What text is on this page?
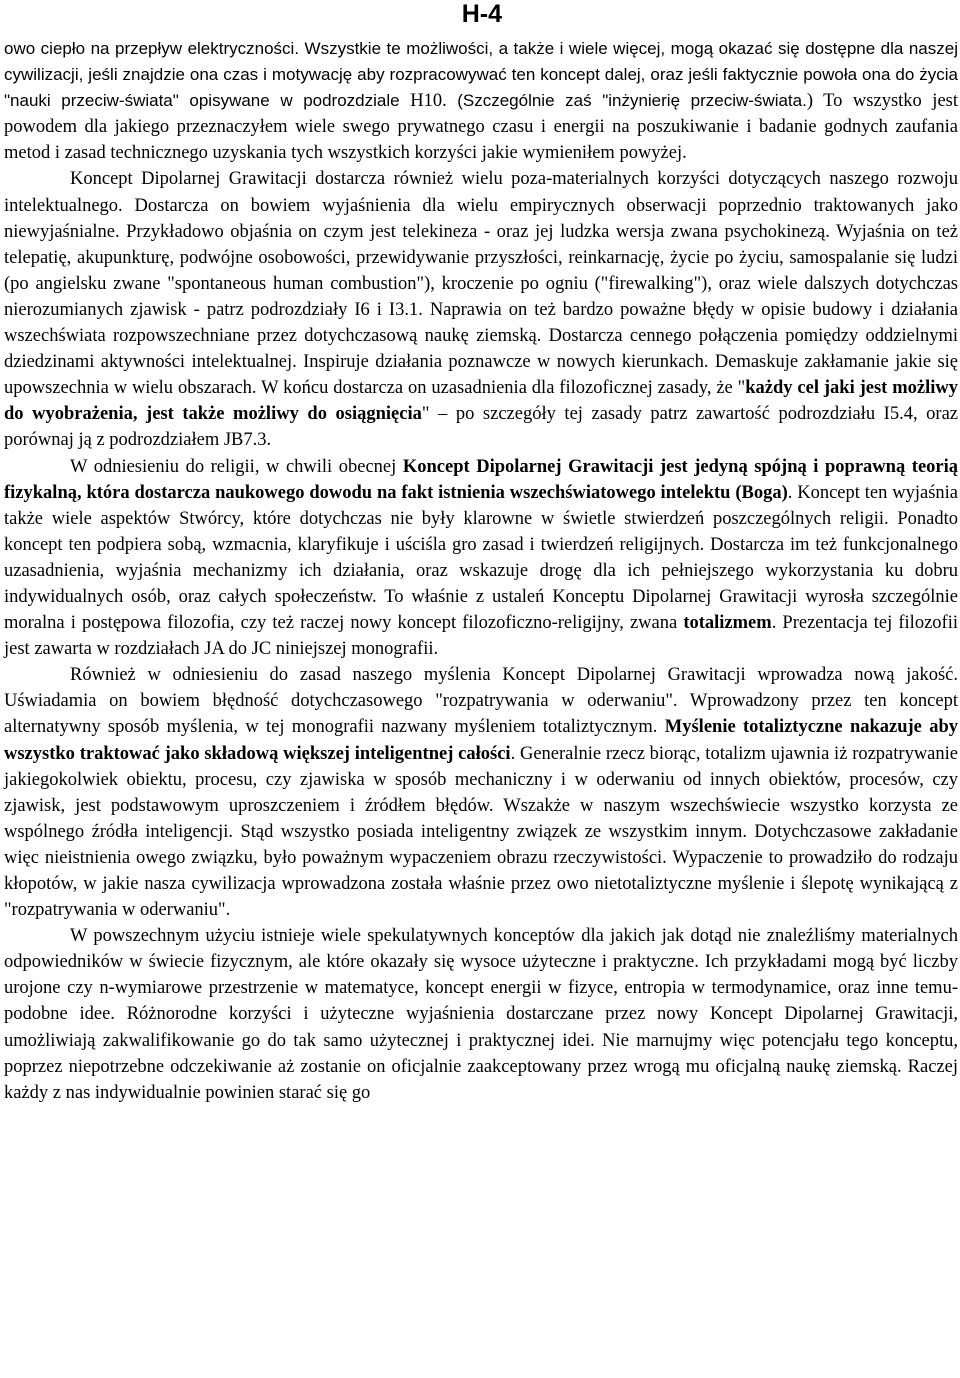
H-4

owo ciepło na przepływ elektryczności. Wszystkie te możliwości, a także i wiele więcej, mogą okazać się dostępne dla naszej cywilizacji, jeśli znajdzie ona czas i motywację aby rozpracowywać ten koncept dalej, oraz jeśli faktycznie powoła ona do życia "nauki przeciw-świata" opisywane w podrozdziale H10. (Szczególnie zaś "inżynierię przeciw-świata.) To wszystko jest powodem dla jakiego przeznaczyłem wiele swego prywatnego czasu i energii na poszukiwanie i badanie godnych zaufania metod i zasad technicznego uzyskania tych wszystkich korzyści jakie wymieniłem powyżej.

Koncept Dipolarnej Grawitacji dostarcza również wielu poza-materialnych korzyści dotyczących naszego rozwoju intelektualnego. Dostarcza on bowiem wyjaśnienia dla wielu empirycznych obserwacji poprzednio traktowanych jako niewyjaśnialne. Przykładowo objaśnia on czym jest telekineza - oraz jej ludzka wersja zwana psychokinezą. Wyjaśnia on też telepatię, akupunkturę, podwójne osobowości, przewidywanie przyszłości, reinkarnację, życie po życiu, samospalanie się ludzi (po angielsku zwane "spontaneous human combustion"), kroczenie po ogniu ("firewalking"), oraz wiele dalszych dotychczas nierozumianych zjawisk - patrz podrozdziały I6 i I3.1. Naprawia on też bardzo poważne błędy w opisie budowy i działania wszechświata rozpowszechniane przez dotychczasową naukę ziemską. Dostarcza cennego połączenia pomiędzy oddzielnymi dziedzinami aktywności intelektualnej. Inspiruje działania poznawcze w nowych kierunkach. Demaskuje zakłamanie jakie się upowszechnia w wielu obszarach. W końcu dostarcza on uzasadnienia dla filozoficznej zasady, że "każdy cel jaki jest możliwy do wyobrażenia, jest także możliwy do osiągnięcia" – po szczegóły tej zasady patrz zawartość podrozdziału I5.4, oraz porównaj ją z podrozdziałem JB7.3.

W odniesieniu do religii, w chwili obecnej Koncept Dipolarnej Grawitacji jest jedyną spójną i poprawną teorią fizykalną, która dostarcza naukowego dowodu na fakt istnienia wszechświatowego intelektu (Boga). Koncept ten wyjaśnia także wiele aspektów Stwórcy, które dotychczas nie były klarowne w świetle stwierdzeń poszczególnych religii. Ponadto koncept ten podpiera sobą, wzmacnia, klaryfikuje i uściśla gro zasad i twierdzeń religijnych. Dostarcza im też funkcjonalnego uzasadnienia, wyjaśnia mechanizmy ich działania, oraz wskazuje drogę dla ich pełniejszego wykorzystania ku dobru indywidualnych osób, oraz całych społeczeństw. To właśnie z ustaleń Konceptu Dipolarnej Grawitacji wyrosła szczególnie moralna i postępowa filozofia, czy też raczej nowy koncept filozoficzno-religijny, zwana totalizmem. Prezentacja tej filozofii jest zawarta w rozdziałach JA do JC niniejszej monografii.

Również w odniesieniu do zasad naszego myślenia Koncept Dipolarnej Grawitacji wprowadza nową jakość. Uświadamia on bowiem błędność dotychczasowego "rozpatrywania w oderwaniu". Wprowadzony przez ten koncept alternatywny sposób myślenia, w tej monografii nazwany myśleniem totaliztycznym. Myślenie totaliztyczne nakazuje aby wszystko traktować jako składową większej inteligentnej całości. Generalnie rzecz biorąc, totalizm ujawnia iż rozpatrywanie jakiegokolwiek obiektu, procesu, czy zjawiska w sposób mechaniczny i w oderwaniu od innych obiektów, procesów, czy zjawisk, jest podstawowym uproszczeniem i źródłem błędów. Wszakże w naszym wszechświecie wszystko korzysta ze wspólnego źródła inteligencji. Stąd wszystko posiada inteligentny związek ze wszystkim innym. Dotychczasowe zakładanie więc nieistnienia owego związku, było poważnym wypaczeniem obrazu rzeczywistości. Wypaczenie to prowadziło do rodzaju kłopotów, w jakie nasza cywilizacja wprowadzona została właśnie przez owo nietotaliztyczne myślenie i ślepotę wynikającą z "rozpatrywania w oderwaniu".

W powszechnym użyciu istnieje wiele spekulatywnych konceptów dla jakich jak dotąd nie znaleźliśmy materialnych odpowiedników w świecie fizycznym, ale które okazały się wysoce użyteczne i praktyczne. Ich przykładami mogą być liczby urojone czy n-wymiarowe przestrzenie w matematyce, koncept energii w fizyce, entropia w termodynamice, oraz inne temu-podobne idee. Różnorodne korzyści i użyteczne wyjaśnienia dostarczane przez nowy Koncept Dipolarnej Grawitacji, umożliwiają zakwalifikowanie go do tak samo użytecznej i praktycznej idei. Nie marnujmy więc potencjału tego konceptu, poprzez niepotrzebne odczekiwanie aż zostanie on oficjalnie zaakceptowany przez wrogą mu oficjalną naukę ziemską. Raczej każdy z nas indywidualnie powinien starać się go
